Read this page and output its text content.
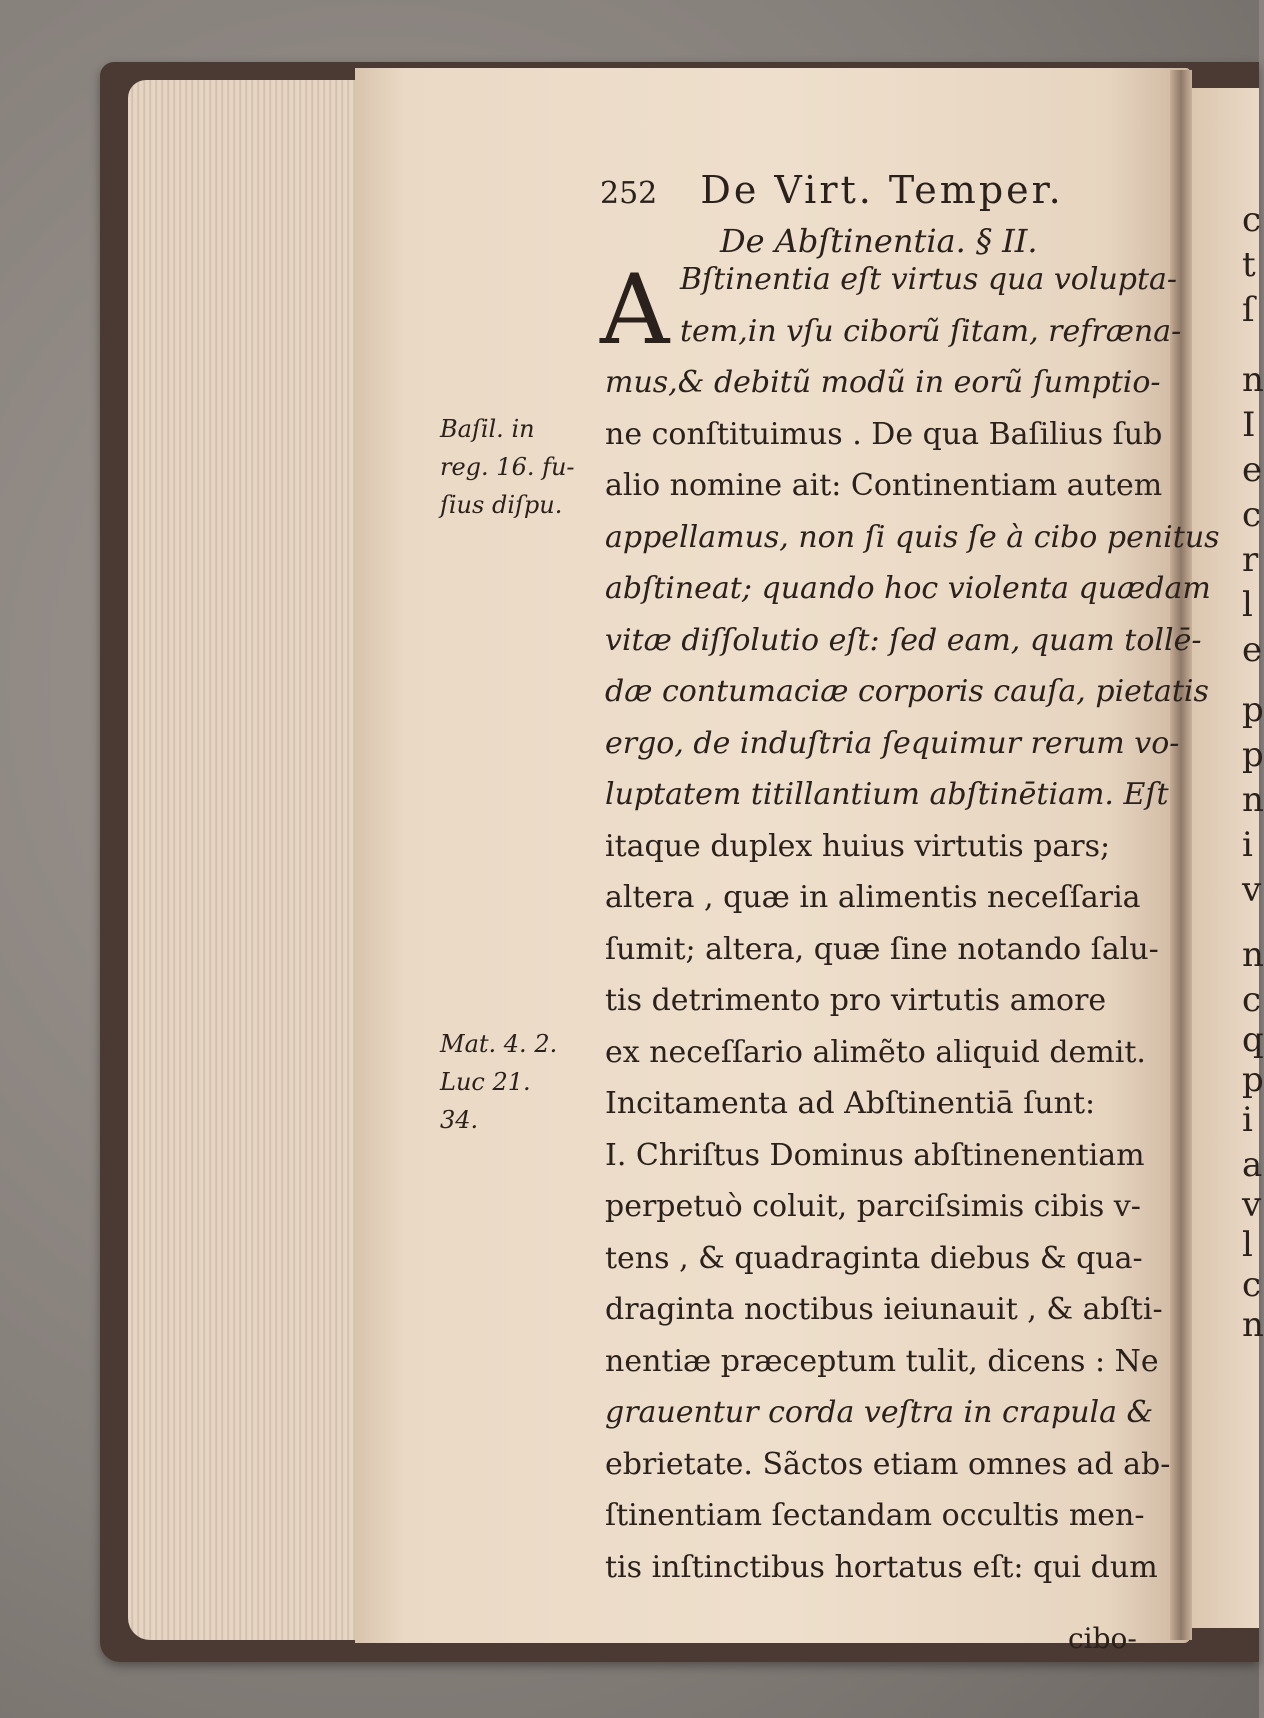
252 De Virt. Temper.
De Abſtinentia. § II.
A Bſtinentia eſt virtus qua volupta-
tem,in vſu ciborũ ſitam, refræna-
mus,& debitũ modũ in eorũ ſumptio-
ne conſtituimus . De qua Baſilius ſub
alio nomine ait: Continentiam autem
appellamus, non ſi quis ſe à cibo penitus
abſtineat; quando hoc violenta quædam
vitæ diſſolutio eſt: ſed eam, quam tollē-
dæ contumaciæ corporis cauſa, pietatis
ergo, de induſtria ſequimur rerum vo-
luptatem titillantium abſtinētiam. Eſt
itaque duplex huius virtutis pars;
altera , quæ in alimentis neceſſaria
ſumit; altera, quæ ſine notando ſalu-
tis detrimento pro virtutis amore
ex neceſſario alimẽto aliquid demit.
Incitamenta ad Abſtinentiā ſunt:
I. Chriſtus Dominus abſtinenentiam
perpetuò coluit, parciſsimis cibis v-
tens , & quadraginta diebus & qua-
draginta noctibus ieiunauit , & abſti-
nentiæ præceptum tulit, dicens : Ne
grauentur corda veſtra in crapula &
ebrietate. Sãctos etiam omnes ad ab-
ſtinentiam ſectandam occultis men-
tis inſtinctibus hortatus eſt: qui dum
Baſil. in
reg. 16. fu-
ſius diſpu.
Mat. 4. 2.
Luc 21.
34.
c
t
ſ
n
I
e
c
r
l
e
p
p
n
i
v
n
c
q
p
i
a
v
l
c
n
cibo-
